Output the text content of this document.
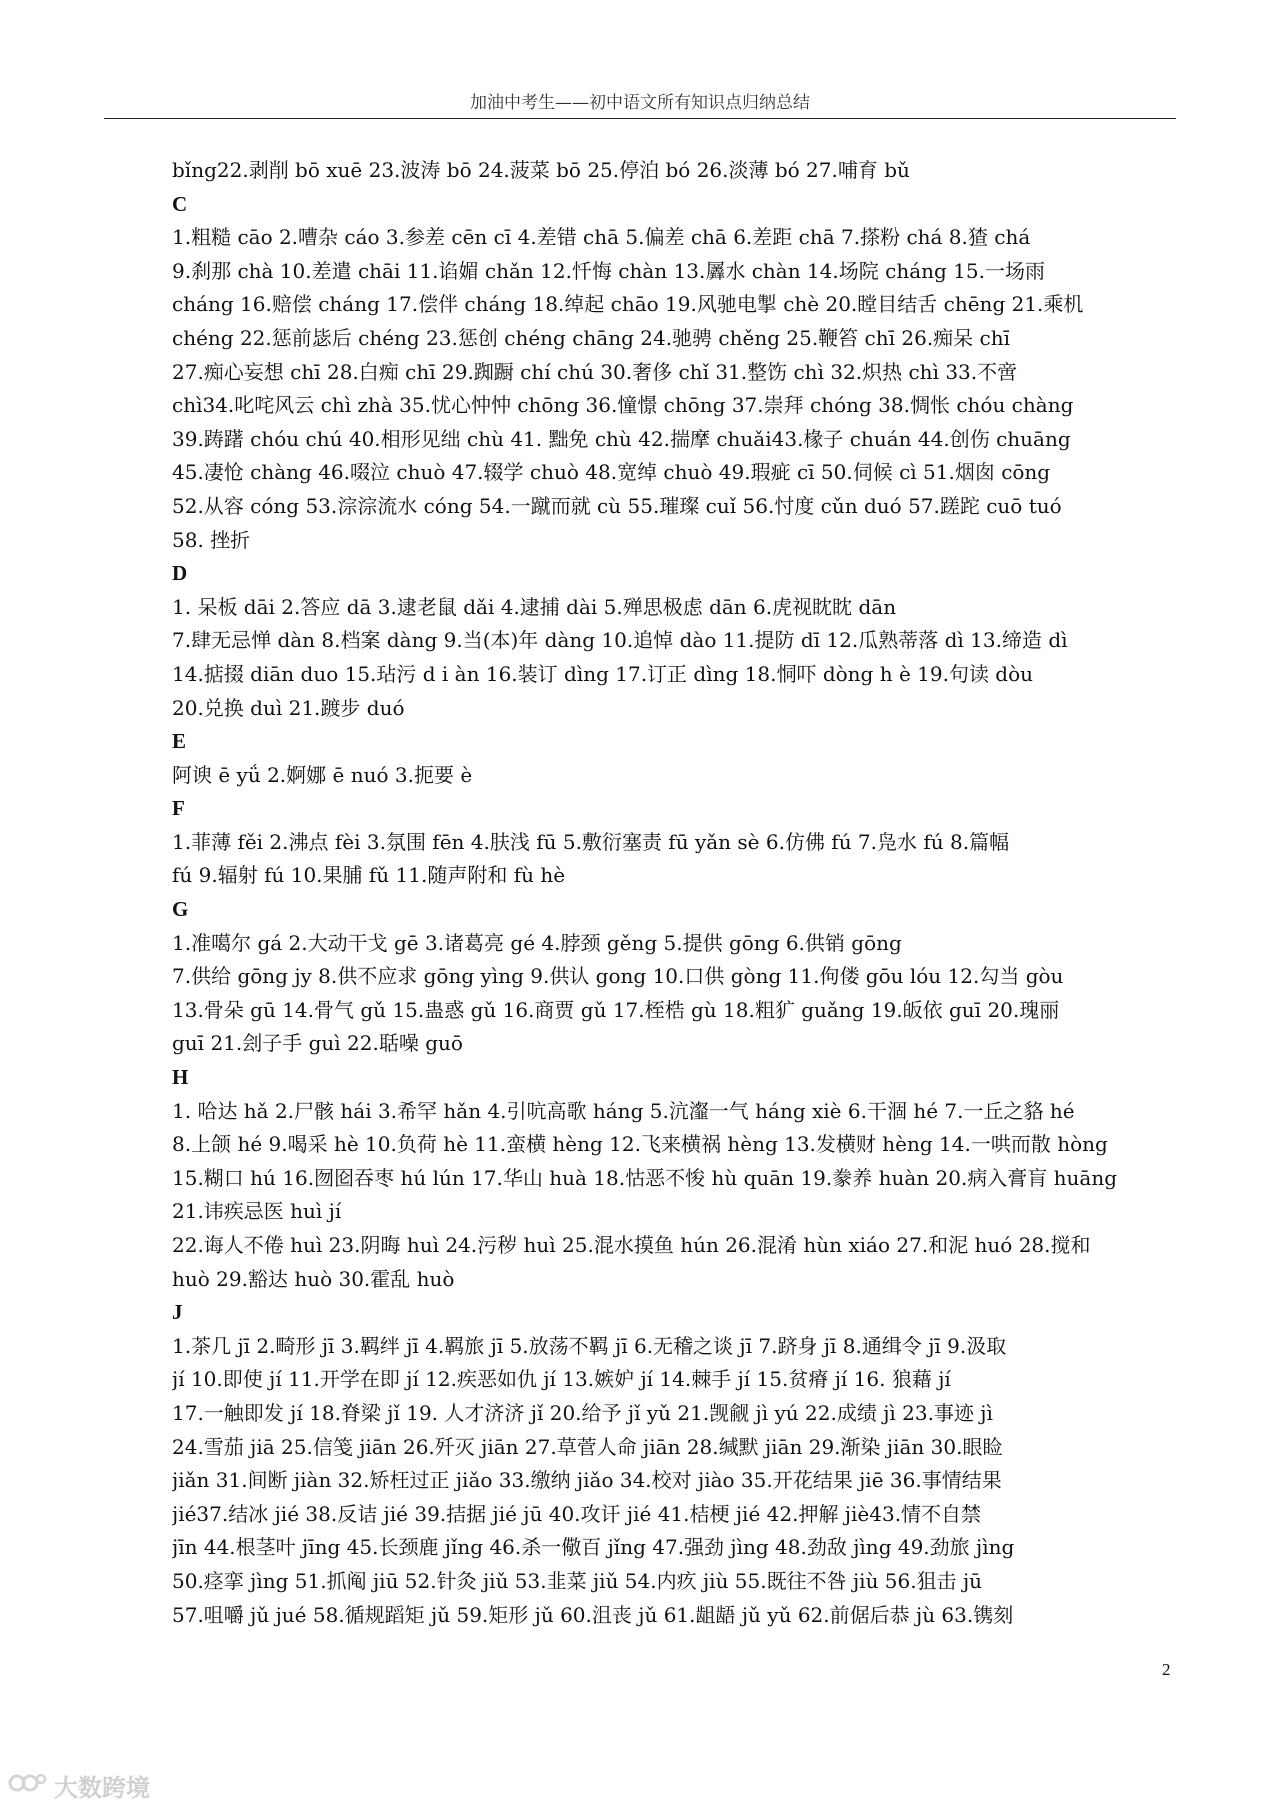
加油中考生——初中语文所有知识点归纳总结
bǐng22.剥削 bō xuē 23.波涛 bō 24.菠菜 bō 25.停泊 bó 26.淡薄 bó 27.哺育 bǔ
C
1.粗糙 cāo 2.嘈杂 cáo 3.参差 cēn cī 4.差错 chā 5.偏差 chā 6.差距 chā 7.搽粉 chá 8.猹 chá
9.刹那 chà 10.差遣 chāi 11.谄媚 chǎn 12.忏悔 chàn 13.羼水 chàn 14.场院 cháng 15.一场雨
cháng 16.赔偿 cháng 17.偿伴 cháng 18.绰起 chāo 19.风驰电掣 chè 20.瞠目结舌 chēng 21.乘机
chéng 22.惩前毖后 chéng 23.惩创 chéng chāng 24.驰骋 chěng 25.鞭笞 chī 26.痴呆 chī
27.痴心妄想 chī 28.白痴 chī 29.踟蹰 chí chú 30.奢侈 chǐ 31.整饬 chì 32.炽热 chì 33.不啻
chì34.叱咤风云 chì zhà 35.忧心忡忡 chōng 36.憧憬 chōng 37.崇拜 chóng 38.惆怅 chóu chàng
39.踌躇 chóu chú 40.相形见绌 chù 41. 黜免 chù 42.揣摩 chuǎi43.椽子 chuán 44.创伤 chuāng
45.凄怆 chàng 46.啜泣 chuò 47.辍学 chuò 48.宽绰 chuò 49.瑕疵 cī 50.伺候 cì 51.烟囱 cōng
52.从容 cóng 53.淙淙流水 cóng 54.一蹴而就 cù 55.璀璨 cuǐ 56.忖度 cǔn duó 57.蹉跎 cuō tuó
58. 挫折
D
1. 呆板 dāi 2.答应 dā 3.逮老鼠 dǎi 4.逮捕 dài 5.殚思极虑 dān 6.虎视眈眈 dān
7.肆无忌惮 dàn 8.档案 dàng 9.当(本)年 dàng 10.追悼 dào 11.提防 dī 12.瓜熟蒂落 dì 13.缔造 dì
14.掂掇 diān duo 15.玷污 d i àn 16.装订 dìng 17.订正 dìng 18.恫吓 dòng h è 19.句读 dòu
20.兑换 duì 21.踱步 duó
E
阿谀 ē yǘ 2.婀娜 ē nuó 3.扼要 è
F
1.菲薄 fěi 2.沸点 fèi 3.氛围 fēn 4.肤浅 fū 5.敷衍塞责 fū yǎn sè 6.仿佛 fú 7.凫水 fú 8.篇幅
fú 9.辐射 fú 10.果脯 fǔ 11.随声附和 fù hè
G
1.准噶尔 gá 2.大动干戈 gē 3.诸葛亮 gé 4.脖颈 gěng 5.提供 gōng 6.供销 gōng
7.供给 gōng jy 8.供不应求 gōng yìng 9.供认 gong 10.口供 gòng 11.佝偻 gōu lóu 12.勾当 gòu
13.骨朵 gū 14.骨气 gǔ 15.蛊惑 gǔ 16.商贾 gǔ 17.桎梏 gù 18.粗犷 guǎng 19.皈依 guī 20.瑰丽
guī 21.刽子手 guì 22.聒噪 guō
H
1. 哈达 hǎ 2.尸骸 hái 3.希罕 hǎn 4.引吭高歌 háng 5.沆瀣一气 háng xiè 6.干涸 hé 7.一丘之貉 hé
8.上颌 hé 9.喝采 hè 10.负荷 hè 11.蛮横 hèng 12.飞来横祸 hèng 13.发横财 hèng 14.一哄而散 hòng
15.糊口 hú 16.囫囵吞枣 hú lún 17.华山 huà 18.怙恶不悛 hù quān 19.豢养 huàn 20.病入膏肓 huāng
21.讳疾忌医 huì jí
22.诲人不倦 huì 23.阴晦 huì 24.污秽 huì 25.混水摸鱼 hún 26.混淆 hùn xiáo 27.和泥 huó 28.搅和
huò 29.豁达 huò 30.霍乱 huò
J
1.茶几 jī 2.畸形 jī 3.羁绊 jī 4.羁旅 jī 5.放荡不羁 jī 6.无稽之谈 jī 7.跻身 jī 8.通缉令 jī 9.汲取
jí 10.即使 jí 11.开学在即 jí 12.疾恶如仇 jí 13.嫉妒 jí 14.棘手 jí 15.贫瘠 jí 16. 狼藉 jí
17.一触即发 jí 18.脊梁 jǐ 19. 人才济济 jǐ 20.给予 jǐ yǔ 21.觊觎 jì yú 22.成绩 jì 23.事迹 jì
24.雪茄 jiā 25.信笺 jiān 26.歼灭 jiān 27.草菅人命 jiān 28.缄默 jiān 29.渐染 jiān 30.眼睑
jiǎn 31.间断 jiàn 32.矫枉过正 jiǎo 33.缴纳 jiǎo 34.校对 jiào 35.开花结果 jiē 36.事情结果
jié37.结冰 jié 38.反诘 jié 39.拮据 jié jū 40.攻讦 jié 41.桔梗 jié 42.押解 jiè43.情不自禁
jīn 44.根茎叶 jīng 45.长颈鹿 jǐng 46.杀一儆百 jǐng 47.强劲 jìng 48.劲敌 jìng 49.劲旅 jìng
50.痉挛 jìng 51.抓阄 jiū 52.针灸 jiǔ 53.韭菜 jiǔ 54.内疚 jiù 55.既往不咎 jiù 56.狙击 jū
57.咀嚼 jǔ jué 58.循规蹈矩 jǔ 59.矩形 jǔ 60.沮丧 jǔ 61.龃龉 jǔ yǔ 62.前倨后恭 jù 63.镌刻
2
大数跨境
